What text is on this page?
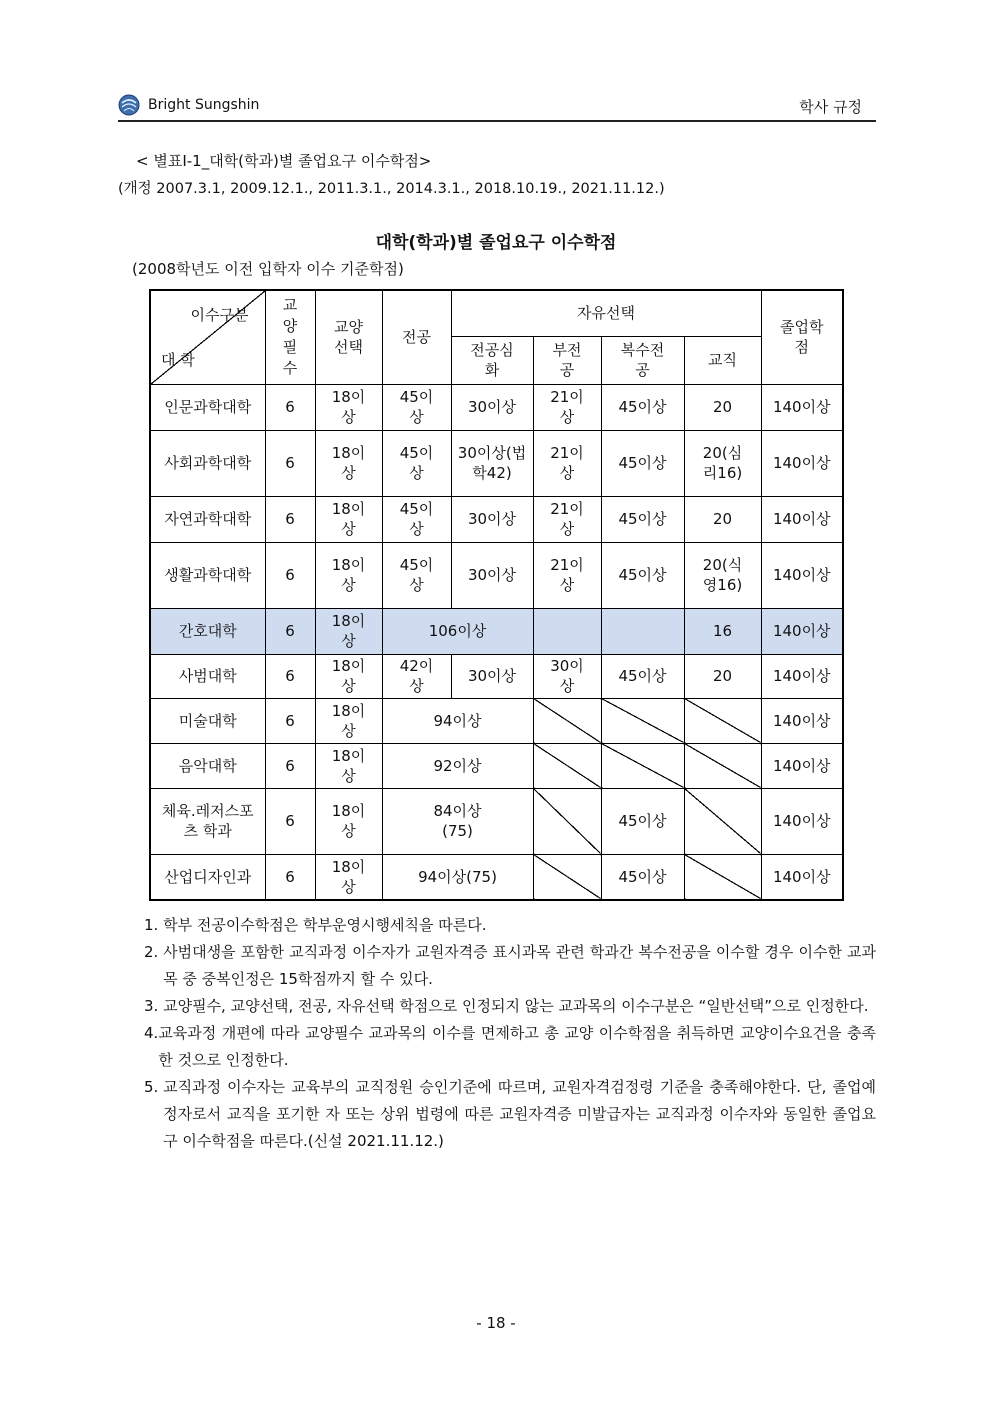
Bright Sungshin	학사 규정
< 별표Ⅰ-1_대학(학과)별 졸업요구 이수학점>
(개정 2007.3.1, 2009.12.1., 2011.3.1., 2014.3.1., 2018.10.19., 2021.11.12.)
대학(학과)별 졸업요구 이수학점
(2008학년도 이전 입학자 이수 기준학점)
이수구분
대 학	교양필수	교양선택	전공	자유선택				졸업학점

				전공심화	부전공	복수전공	교직	

인문과학대학	6	18이상	45이상	30이상	21이상	45이상	20	140이상

사회과학대학	6	18이상	45이상	30이상(법학42)	21이상	45이상	20(심리16)	140이상

자연과학대학	6	18이상	45이상	30이상	21이상	45이상	20	140이상

생활과학대학	6	18이상	45이상	30이상	21이상	45이상	20(식영16)	140이상
간호대학	6	18이상	106이상				16	140이상
사범대학	6	18이상	42이상	30이상	30이상	45이상	20	140이상
미술대학	6	18이상	94이상					140이상
음악대학	6	18이상	92이상					140이상

체육.레저스포츠 학과	6	18이상	84이상(75)			45이상		140이상

산업디자인과	6	18이상	94이상(75)			45이상		140이상
1. 학부 전공이수학점은 학부운영시행세칙을 따른다.
2. 사범대생을 포함한 교직과정 이수자가 교원자격증 표시과목 관련 학과간 복수전공을 이수할 경우 이수한 교과목 중 중복인정은 15학점까지 할 수 있다.
3. 교양필수, 교양선택, 전공, 자유선택 학점으로 인정되지 않는 교과목의 이수구분은 “일반선택”으로 인정한다.
4. 교육과정 개편에 따라 교양필수 교과목의 이수를 면제하고 총 교양 이수학점을 취득하면 교양이수요건을 충족한 것으로 인정한다.
5. 교직과정 이수자는 교육부의 교직정원 승인기준에 따르며, 교원자격검정령 기준을 충족해야한다. 단, 졸업예정자로서 교직을 포기한 자 또는 상위 법령에 따른 교원자격증 미발급자는 교직과정 이수자와 동일한 졸업요구 이수학점을 따른다.(신설 2021.11.12.)
- 18 -
